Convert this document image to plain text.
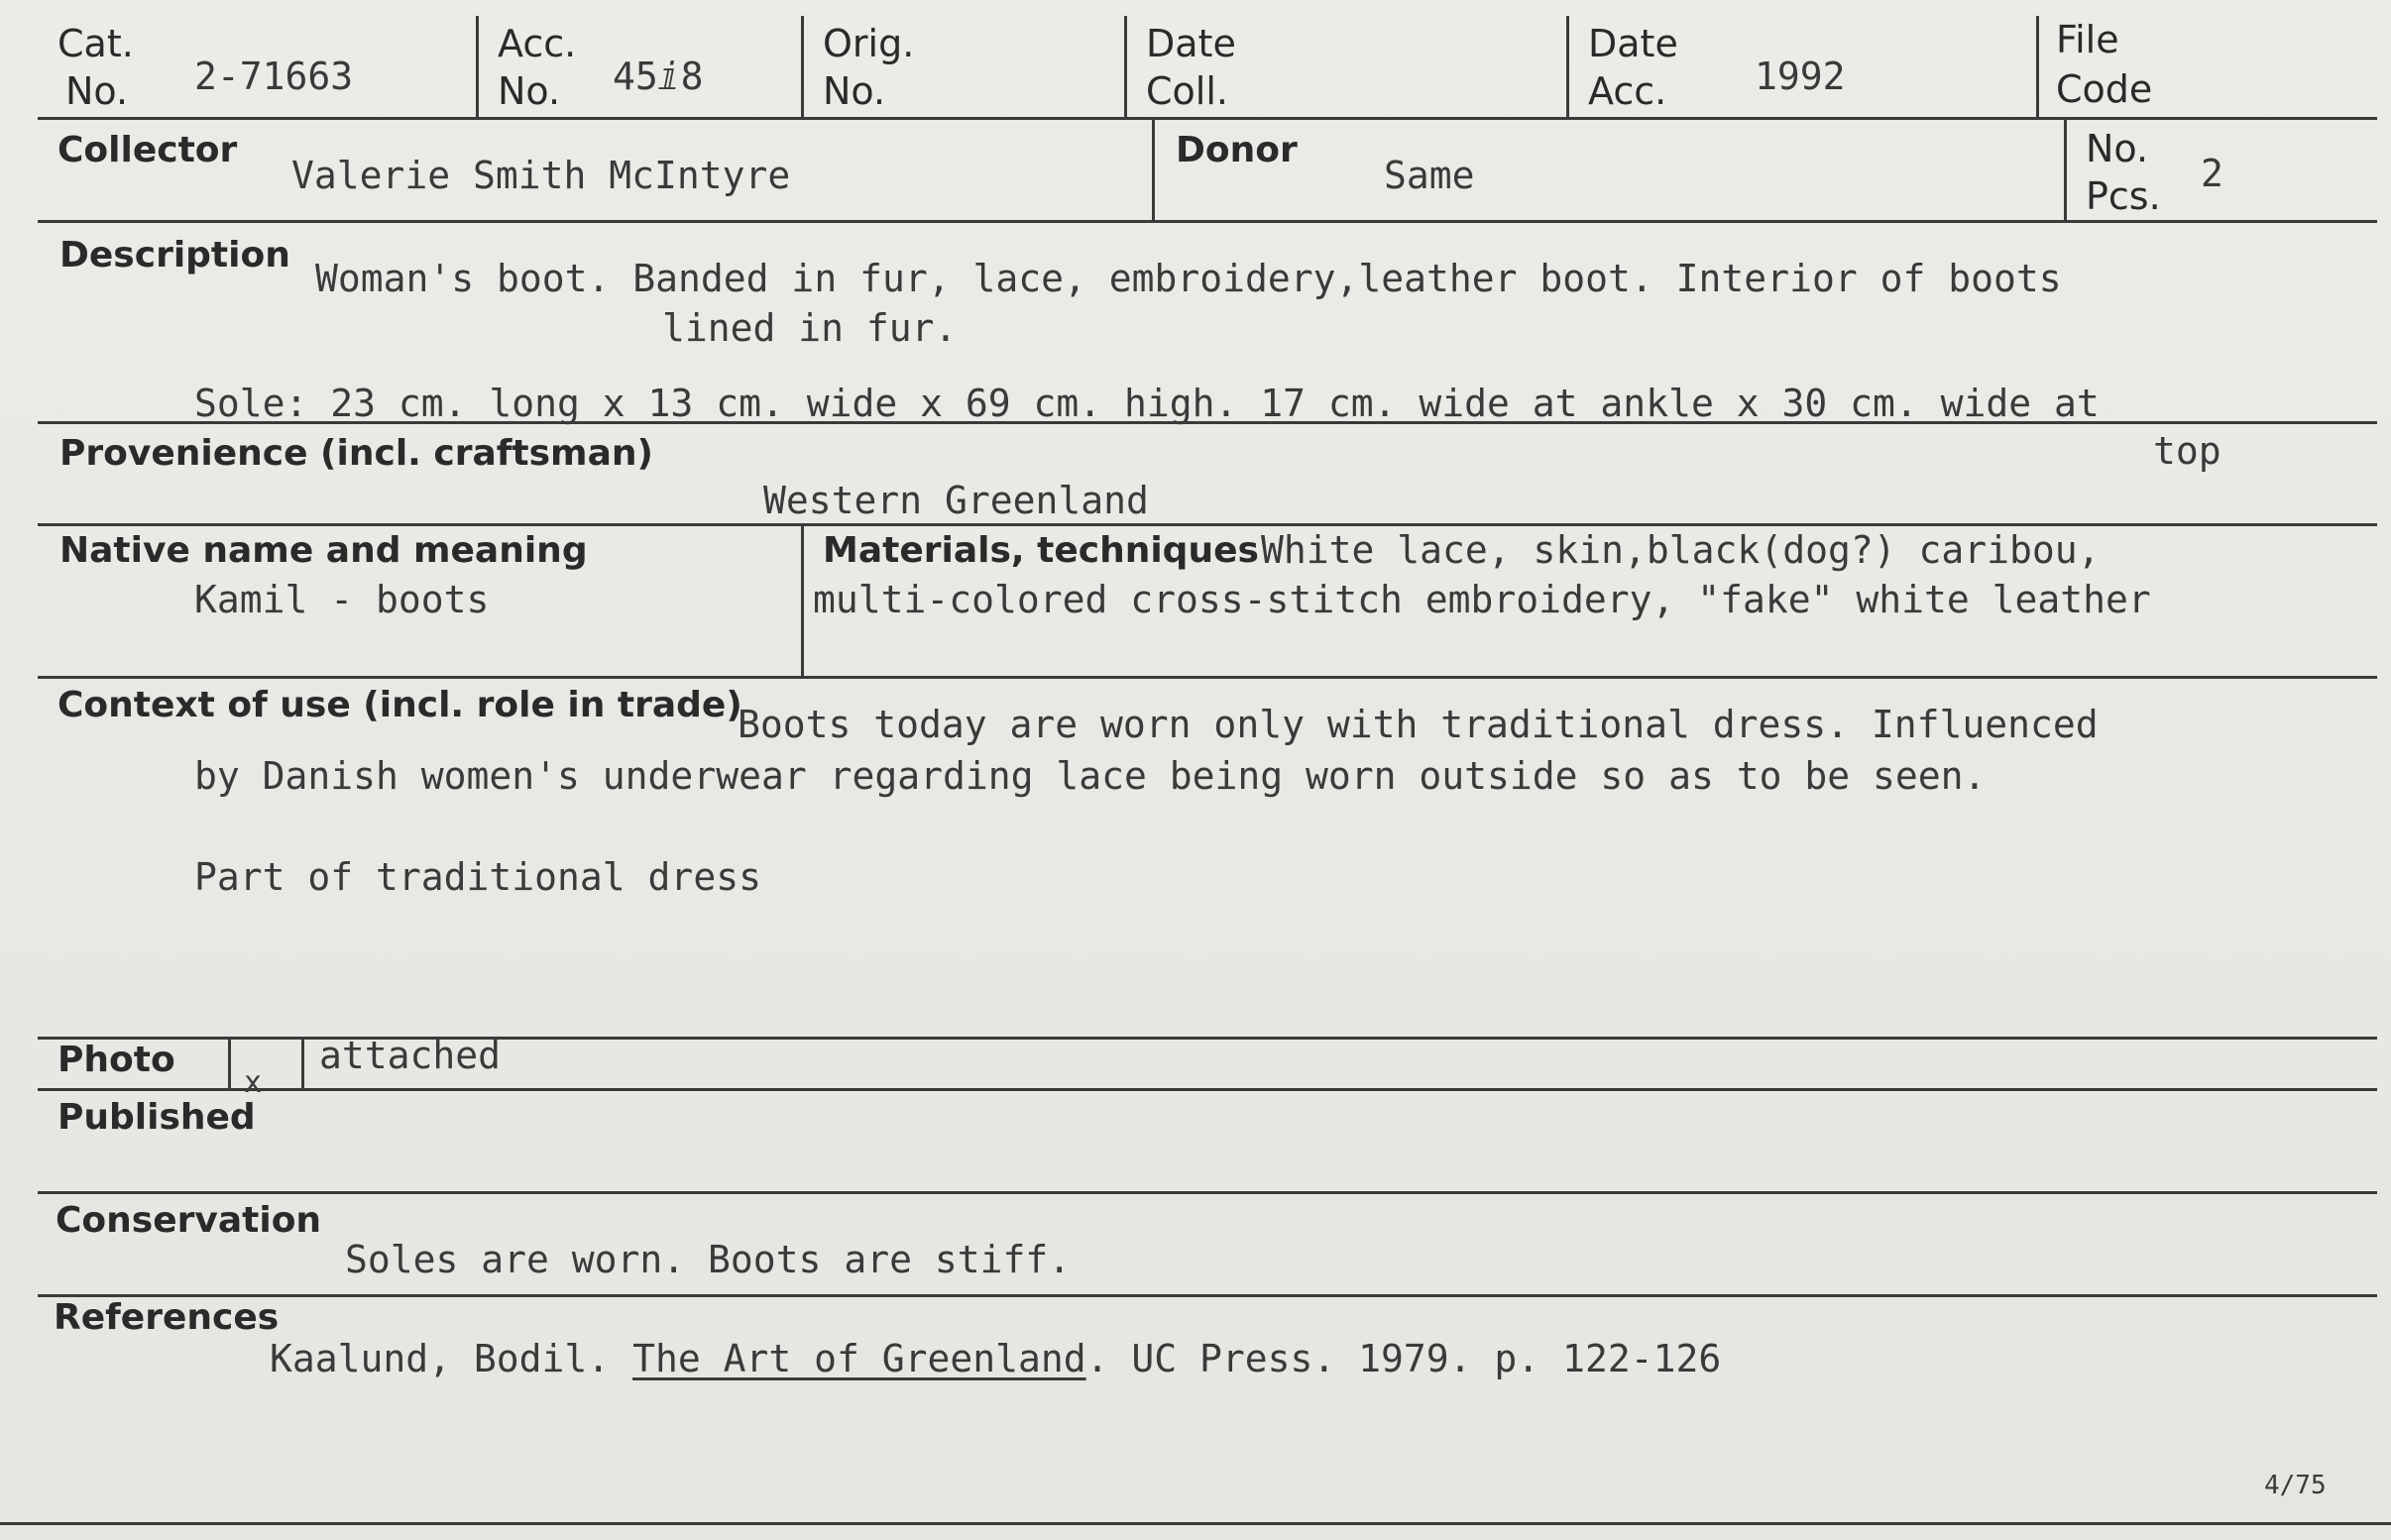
Cat.
No. 2-71663
Acc.
No. 45ⅈ8
Orig.
No.
Date
Coll.
Date
Acc. 1992
File
Code
Collector
Valerie Smith McIntyre
Donor
Same
No.
Pcs.
2
Description
Woman's boot. Banded in fur, lace, embroidery,leather boot. Interior of boots
lined in fur.
Sole: 23 cm. long x 13 cm. wide x 69 cm. high. 17 cm. wide at ankle x 30 cm. wide at
top
Provenience (incl. craftsman)
Western Greenland
Native name and meaning
Kamil - boots
Materials, techniques White lace, skin,black(dog?) caribou,
multi-colored cross-stitch embroidery, "fake" white leather
Context of use (incl. role in trade)
Boots today are worn only with traditional dress. Influenced
by Danish women's underwear regarding lace being worn outside so as to be seen.
Part of traditional dress
Photo
x
attached
Published
Conservation
Soles are worn. Boots are stiff.
References
Kaalund, Bodil. The Art of Greenland. UC Press. 1979. p. 122-126
4/75
